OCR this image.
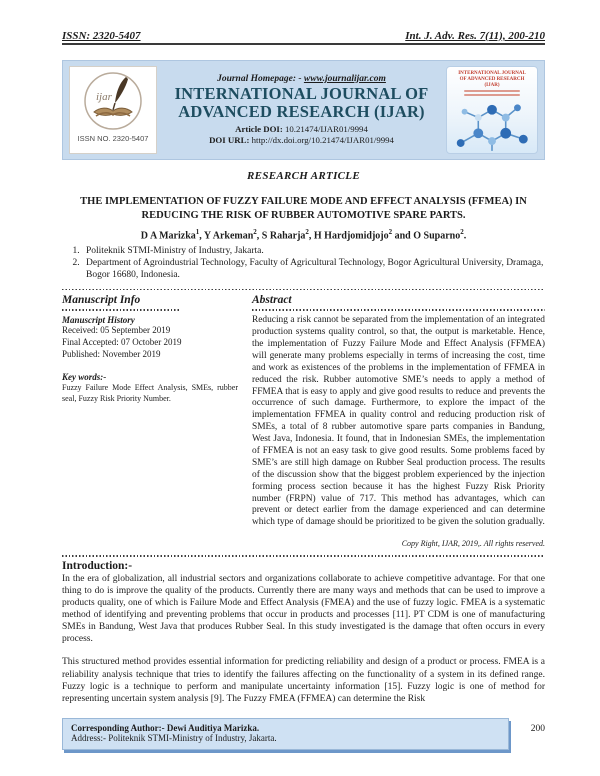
ISSN: 2320-5407	Int. J. Adv. Res. 7(11), 200-210
ijar
ISSN NO. 2320-5407
Journal Homepage: - www.journalijar.com
INTERNATIONAL JOURNAL OF
ADVANCED RESEARCH (IJAR)
Article DOI: 10.21474/IJAR01/9994
DOI URL: http://dx.doi.org/10.21474/IJAR01/9994
INTERNATIONAL JOURNAL OF ADVANCED RESEARCH (IJAR)
RESEARCH ARTICLE
THE IMPLEMENTATION OF FUZZY FAILURE MODE AND EFFECT ANALYSIS (FFMEA) IN REDUCING THE RISK OF RUBBER AUTOMOTIVE SPARE PARTS.
D A Marizka$^1$, Y Arkeman$^2$, S Raharja$^2$, H Hardjomidjojo$^2$ and O Suparno$^2$.
1. Politeknik STMI-Ministry of Industry, Jakarta.
2. Department of Agroindustrial Technology, Faculty of Agricultural Technology, Bogor Agricultural University, Dramaga, Bogor 16680, Indonesia.
Manuscript Info
Manuscript History
Received: 05 September 2019
Final Accepted: 07 October 2019
Published: November 2019
Key words:-
Fuzzy Failure Mode Effect Analysis, SMEs, rubber seal, Fuzzy Risk Priority Number.
Abstract

Reducing a risk cannot be separated from the implementation of an integrated production systems quality control, so that, the output is marketable. Hence, the implementation of Fuzzy Failure Mode and Effect Analysis (FFMEA) will generate many problems especially in terms of increasing the cost, time and work as existences of the problems in the implementation of FFMEA in reduced the risk. Rubber automotive SME’s needs to apply a method of FFMEA that is easy to apply and give good results to reduce and prevents the occurrence of such damage. Furthermore, to explore the impact of the implementation FFMEA in quality control and reducing production risk of SMEs, a total of 8 rubber automotive spare parts companies in Bandung, West Java, Indonesia. It found, that in Indonesian SMEs, the implementation of FFMEA is not an easy task to give good results. Some problems faced by SME’s are still high damage on Rubber Seal production process. The results of the discussion show that the biggest problem experienced by the injection forming process section because it has the highest Fuzzy Risk Priority number (FRPN) value of 717. This method has advantages, which can prevent or detect earlier from the damage experienced and can determine which type of damage should be prioritized to be given the solution gradually.

Copy Right, IJAR, 2019,. All rights reserved.
Introduction:-

In the era of globalization, all industrial sectors and organizations collaborate to achieve competitive advantage. For that one thing to do is improve the quality of the products. Currently there are many ways and methods that can be used to improve a products quality, one of which is Failure Mode and Effect Analysis (FMEA) and the use of fuzzy logic. FMEA is a systematic method of identifying and preventing problems that occur in products and processes [11]. PT CDM is one of manufacturing SMEs in Bandung, West Java that produces Rubber Seal. In this study investigated is the damage that often occurs in every process.

This structured method provides essential information for predicting reliability and design of a product or process. FMEA is a reliability analysis technique that tries to identify the failures affecting on the functionality of a system in its defined range. Fuzzy logic is a technique to perform and manipulate uncertainty information [15]. Fuzzy logic is one of method for representing uncertain system analysis [9]. The Fuzzy FMEA (FFMEA) can determine the Risk

Corresponding Author:- Dewi Auditiya Marizka.
Address:- Politeknik STMI-Ministry of Industry, Jakarta.
200
